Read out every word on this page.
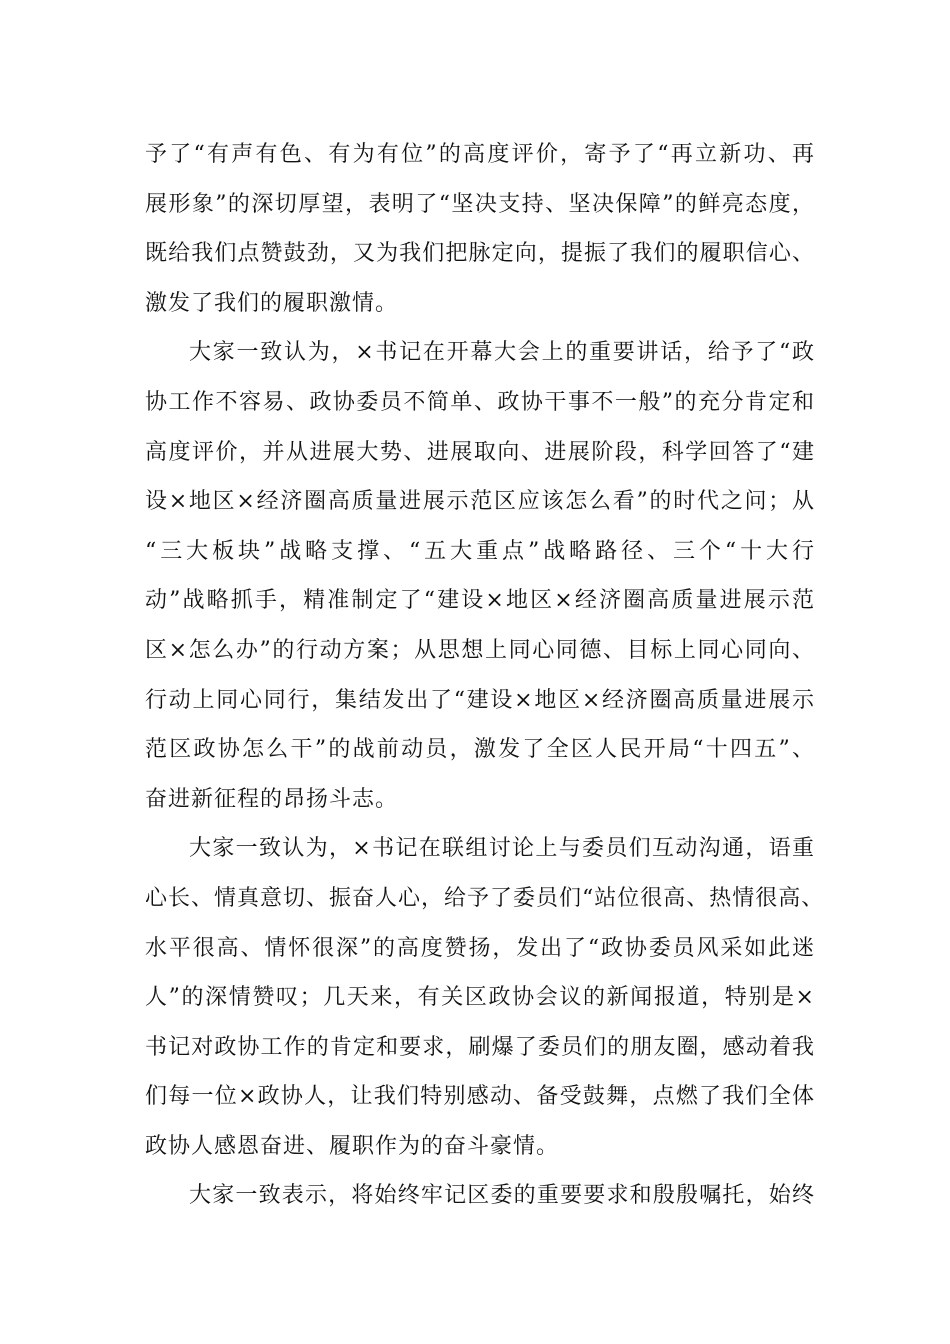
予了“有声有色、有为有位”的高度评价，寄予了“再立新功、再
展形象”的深切厚望，表明了“坚决支持、坚决保障”的鲜亮态度，
既给我们点赞鼓劲，又为我们把脉定向，提振了我们的履职信心、
激发了我们的履职激情。
大家一致认为，×书记在开幕大会上的重要讲话，给予了“政
协工作不容易、政协委员不简单、政协干事不一般”的充分肯定和
高度评价，并从进展大势、进展取向、进展阶段，科学回答了“建
设×地区×经济圈高质量进展示范区应该怎么看”的时代之问；从
“三大板块”战略支撑、“五大重点”战略路径、三个“十大行
动”战略抓手，精准制定了“建设×地区×经济圈高质量进展示范
区×怎么办”的行动方案；从思想上同心同德、目标上同心同向、
行动上同心同行，集结发出了“建设×地区×经济圈高质量进展示
范区政协怎么干”的战前动员，激发了全区人民开局“十四五”、
奋进新征程的昂扬斗志。
大家一致认为，×书记在联组讨论上与委员们互动沟通，语重
心长、情真意切、振奋人心，给予了委员们“站位很高、热情很高、
水平很高、情怀很深”的高度赞扬，发出了“政协委员风采如此迷
人”的深情赞叹；几天来，有关区政协会议的新闻报道，特别是×
书记对政协工作的肯定和要求，刷爆了委员们的朋友圈，感动着我
们每一位×政协人，让我们特别感动、备受鼓舞，点燃了我们全体
政协人感恩奋进、履职作为的奋斗豪情。
大家一致表示，将始终牢记区委的重要要求和殷殷嘱托，始终
